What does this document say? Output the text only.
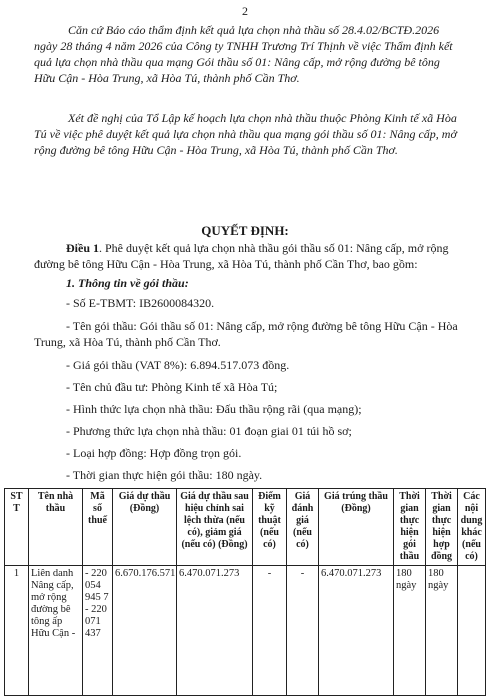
2
Căn cứ Báo cáo thẩm định kết quả lựa chọn nhà thầu số 28.4.02/BCTĐ.2026 ngày 28 tháng 4 năm 2026 của Công ty TNHH Trương Trí Thịnh về việc Thẩm định kết quả lựa chọn nhà thầu qua mạng Gói thầu số 01: Nâng cấp, mở rộng đường bê tông Hữu Cận - Hòa Trung, xã Hòa Tú, thành phố Cần Thơ.
Xét đề nghị của Tổ Lập kế hoạch lựa chọn nhà thầu thuộc Phòng Kinh tế xã Hòa Tú về việc phê duyệt kết quả lựa chọn nhà thầu qua mạng gói thầu số 01: Nâng cấp, mở rộng đường bê tông Hữu Cận - Hòa Trung, xã Hòa Tú, thành phố Cần Thơ.
QUYẾT ĐỊNH:
Điều 1. Phê duyệt kết quả lựa chọn nhà thầu gói thầu số 01: Nâng cấp, mở rộng đường bê tông Hữu Cận - Hòa Trung, xã Hòa Tú, thành phố Cần Thơ, bao gồm:
1. Thông tin về gói thầu:
- Số E-TBMT: IB2600084320.
- Tên gói thầu: Gói thầu số 01: Nâng cấp, mở rộng đường bê tông Hữu Cận - Hòa Trung, xã Hòa Tú, thành phố Cần Thơ.
- Giá gói thầu (VAT 8%): 6.894.517.073 đồng.
- Tên chủ đầu tư: Phòng Kinh tế xã Hòa Tú;
- Hình thức lựa chọn nhà thầu: Đấu thầu rộng rãi (qua mạng);
- Phương thức lựa chọn nhà thầu: 01 đoạn giai 01 túi hồ sơ;
- Loại hợp đồng: Hợp đồng trọn gói.
- Thời gian thực hiện gói thầu: 180 ngày.
ST T	Tên nhà thầu	Mã số thuế	Giá dự thầu (Đồng)	Giá dự thầu sau hiệu chỉnh sai lệch thừa (nếu có), giảm giá (nếu có) (Đồng)	Điểm kỹ thuật (nếu có)	Giá đánh giá (nếu có)	Giá trúng thầu (Đồng)	Thời gian thực hiện gói thầu	Thời gian thực hiện hợp đồng	Các nội dung khác (nếu có)
1	Liên danh Nâng cấp, mở rộng đường bê tông ấp Hữu Cận -	- 220 054 945 7 - 220 071 437	6.670.176.571	6.470.071.273	-	-	6.470.071.273	180 ngày	180 ngày	
